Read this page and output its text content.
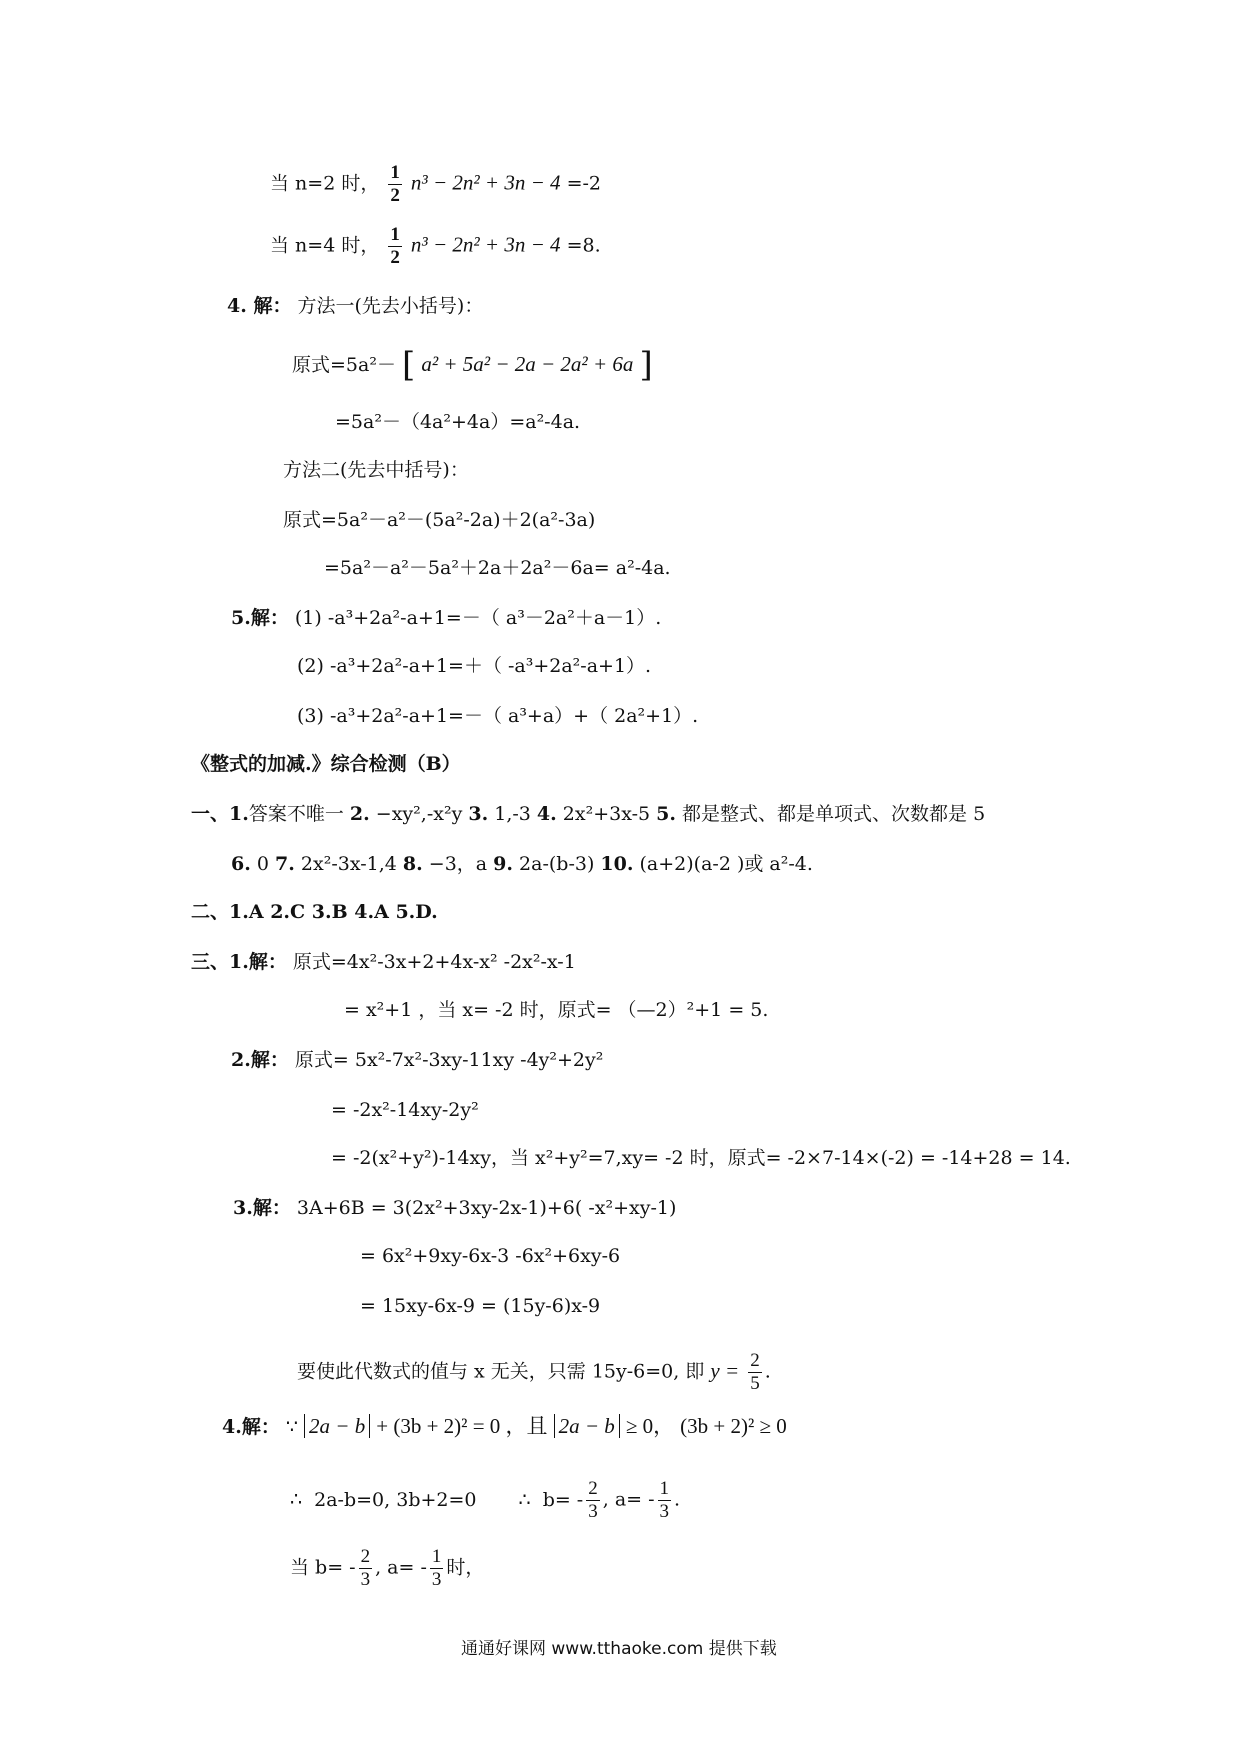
当 n=2 时， $\frac{1}{2} n^3 - 2n^2 + 3n - 4 =-2$
当 n=4 时， $\frac{1}{2} n^3 - 2n^2 + 3n - 4 =8$.
4. 解： 方法一(先去小括号)：
原式=5a²－ [ a² + 5a² − 2a − 2a² + 6a ]
=5a²－（4a²+4a）=a²-4a.
方法二(先去中括号)：
原式=5a²－a²－(5a²-2a)＋2(a²-3a)
=5a²－a²－5a²＋2a＋2a²－6a= a²-4a.
5.解： (1) -a³+2a²-a+1=－（ a³－2a²＋a－1）.
(2) -a³+2a²-a+1=＋（ -a³+2a²-a+1）.
(3) -a³+2a²-a+1=－（ a³+a）+（ 2a²+1）.
《整式的加减.》综合检测（B）
一、1.答案不唯一 2. −xy²,-x²y 3. 1,-3 4. 2x²+3x-5 5. 都是整式、都是单项式、次数都是 5
6. 0 7. 2x²-3x-1,4 8. −3，a 9. 2a-(b-3) 10. (a+2)(a-2 )或 a²-4.
二、1.A 2.C 3.B 4.A 5.D.
三、1.解： 原式=4x²-3x+2+4x-x² -2x²-x-1
= x²+1 ，当 x= -2 时，原式= （—2）²+1 = 5.
2.解： 原式= 5x²-7x²-3xy-11xy -4y²+2y²
= -2x²-14xy-2y²
= -2(x²+y²)-14xy，当 x²+y²=7,xy= -2 时，原式= -2×7-14×(-2) = -14+28 = 14.
3.解： 3A+6B = 3(2x²+3xy-2x-1)+6( -x²+xy-1)
= 6x²+9xy-6x-3 -6x²+6xy-6
= 15xy-6x-9 = (15y-6)x-9
要使此代数式的值与 x 无关，只需 15y-6=0, 即 $y = \frac{2}{5}$ .
4.解： ∵ 2a − b + (3b + 2)² = 0 ，且 2a − b ≥ 0， (3b + 2)² ≥ 0
∴ 2a-b=0, 3b+2=0 ∴ $b= - \frac{2}{3}$ , $a= - \frac{1}{3}$ .
当 $b= - \frac{2}{3}$ , $a= - \frac{1}{3}$ 时，
通通好课网 www.tthaoke.com 提供下载
